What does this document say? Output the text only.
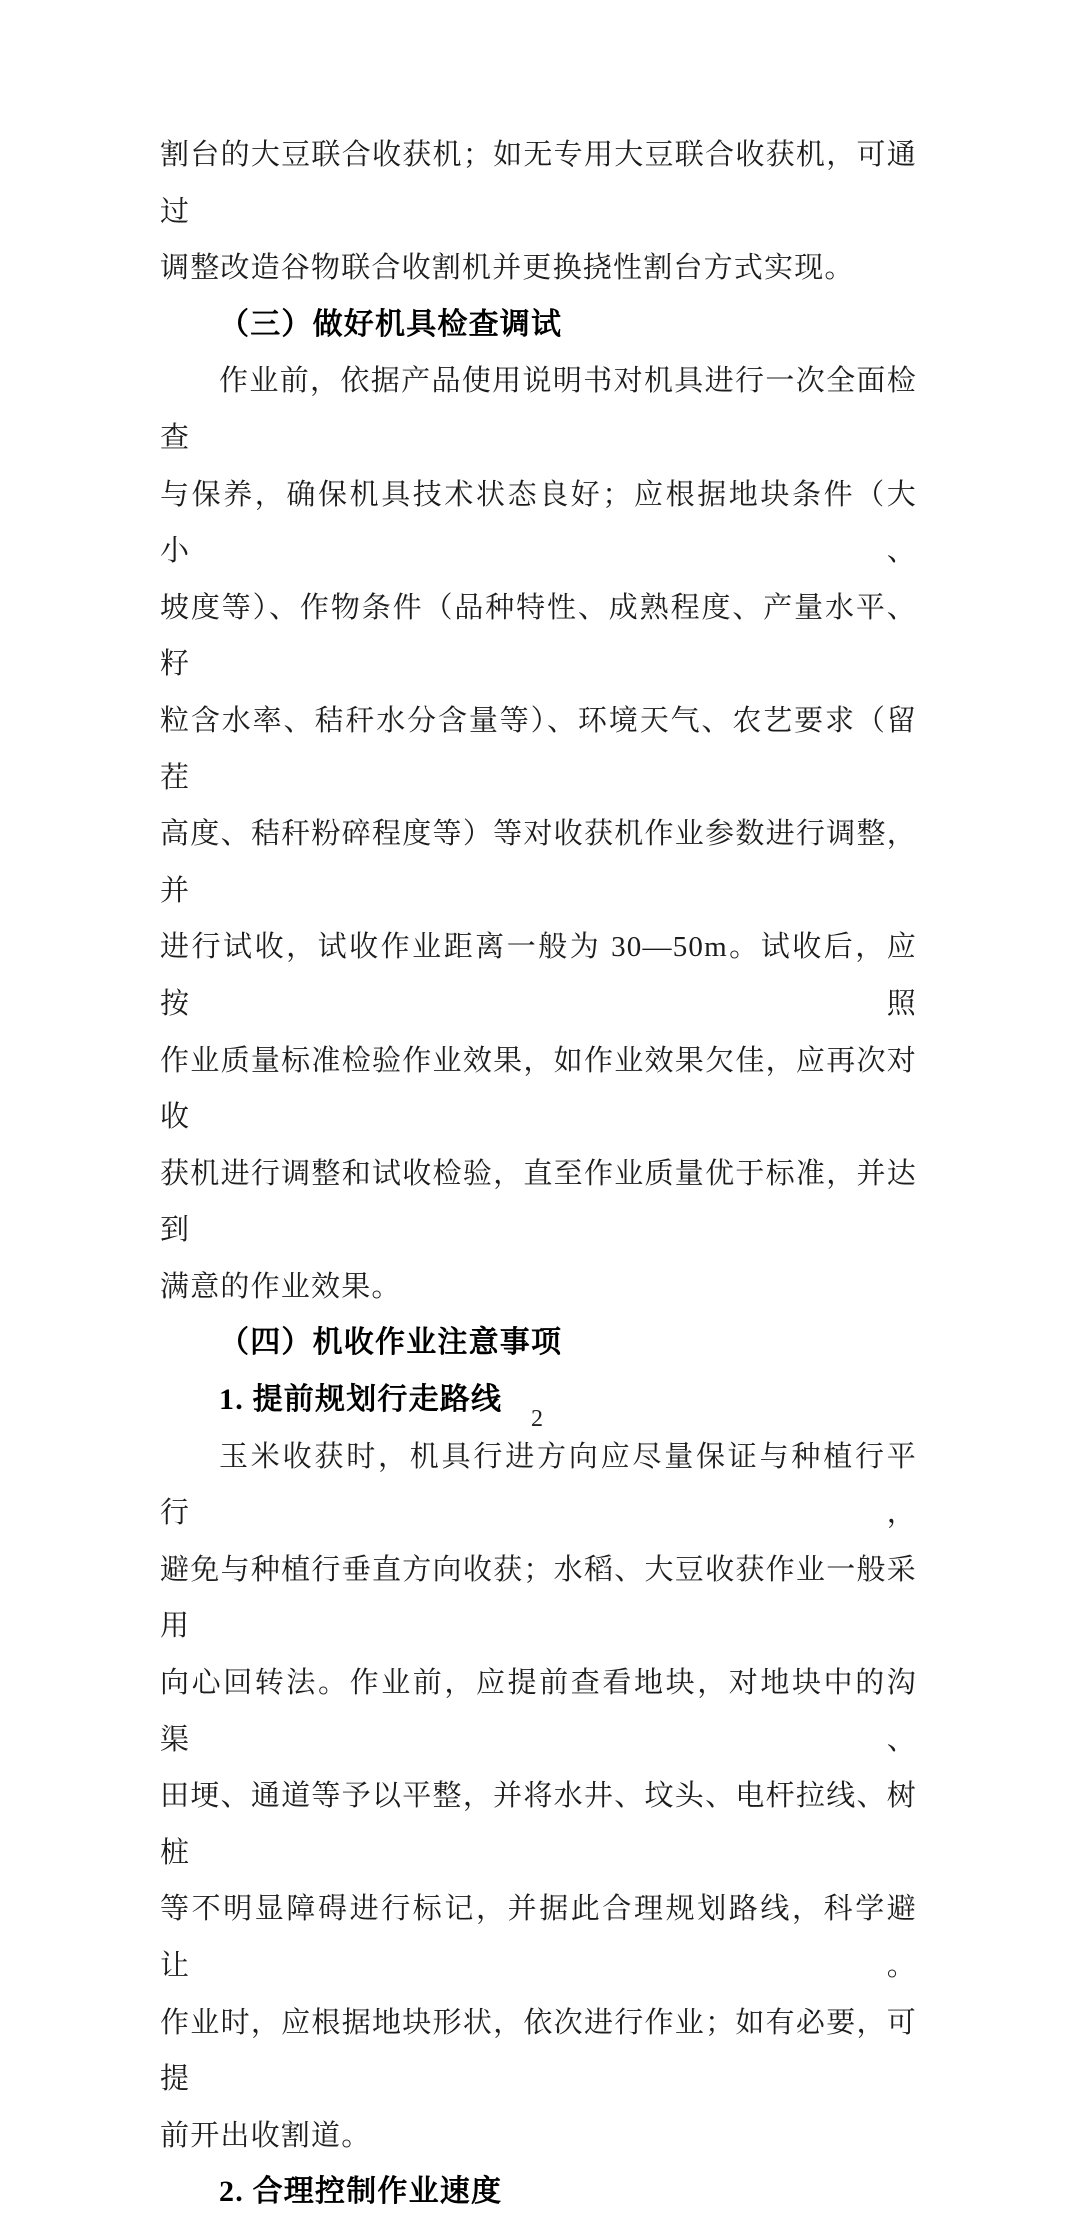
割台的大豆联合收获机；如无专用大豆联合收获机，可通过
调整改造谷物联合收割机并更换挠性割台方式实现。
（三）做好机具检查调试
作业前，依据产品使用说明书对机具进行一次全面检查
与保养，确保机具技术状态良好；应根据地块条件（大小、
坡度等）、作物条件（品种特性、成熟程度、产量水平、籽
粒含水率、秸秆水分含量等）、环境天气、农艺要求（留茬
高度、秸秆粉碎程度等）等对收获机作业参数进行调整，并
进行试收，试收作业距离一般为 30—50m。试收后，应按照
作业质量标准检验作业效果，如作业效果欠佳，应再次对收
获机进行调整和试收检验，直至作业质量优于标准，并达到
满意的作业效果。
（四）机收作业注意事项
1. 提前规划行走路线
玉米收获时，机具行进方向应尽量保证与种植行平行，
避免与种植行垂直方向收获；水稻、大豆收获作业一般采用
向心回转法。作业前，应提前查看地块，对地块中的沟渠、
田埂、通道等予以平整，并将水井、坟头、电杆拉线、树桩
等不明显障碍进行标记，并据此合理规划路线，科学避让。
作业时，应根据地块形状，依次进行作业；如有必要，可提
前开出收割道。
2. 合理控制作业速度
2
